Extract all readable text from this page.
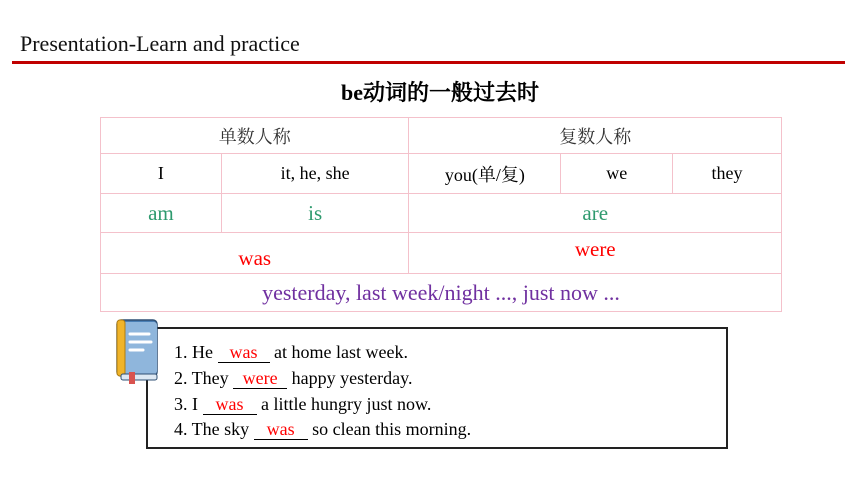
Presentation-Learn and practice
be动词的一般过去时
单数人称		复数人称		
I	it, he, she	you(单/复)	we	they
am	is	are		
was		were		
yesterday, last week/night ..., just now ...				
1. He was at home last week.
2. They were happy yesterday.
3. I was a little hungry just now.
4. The sky was so clean this morning.
